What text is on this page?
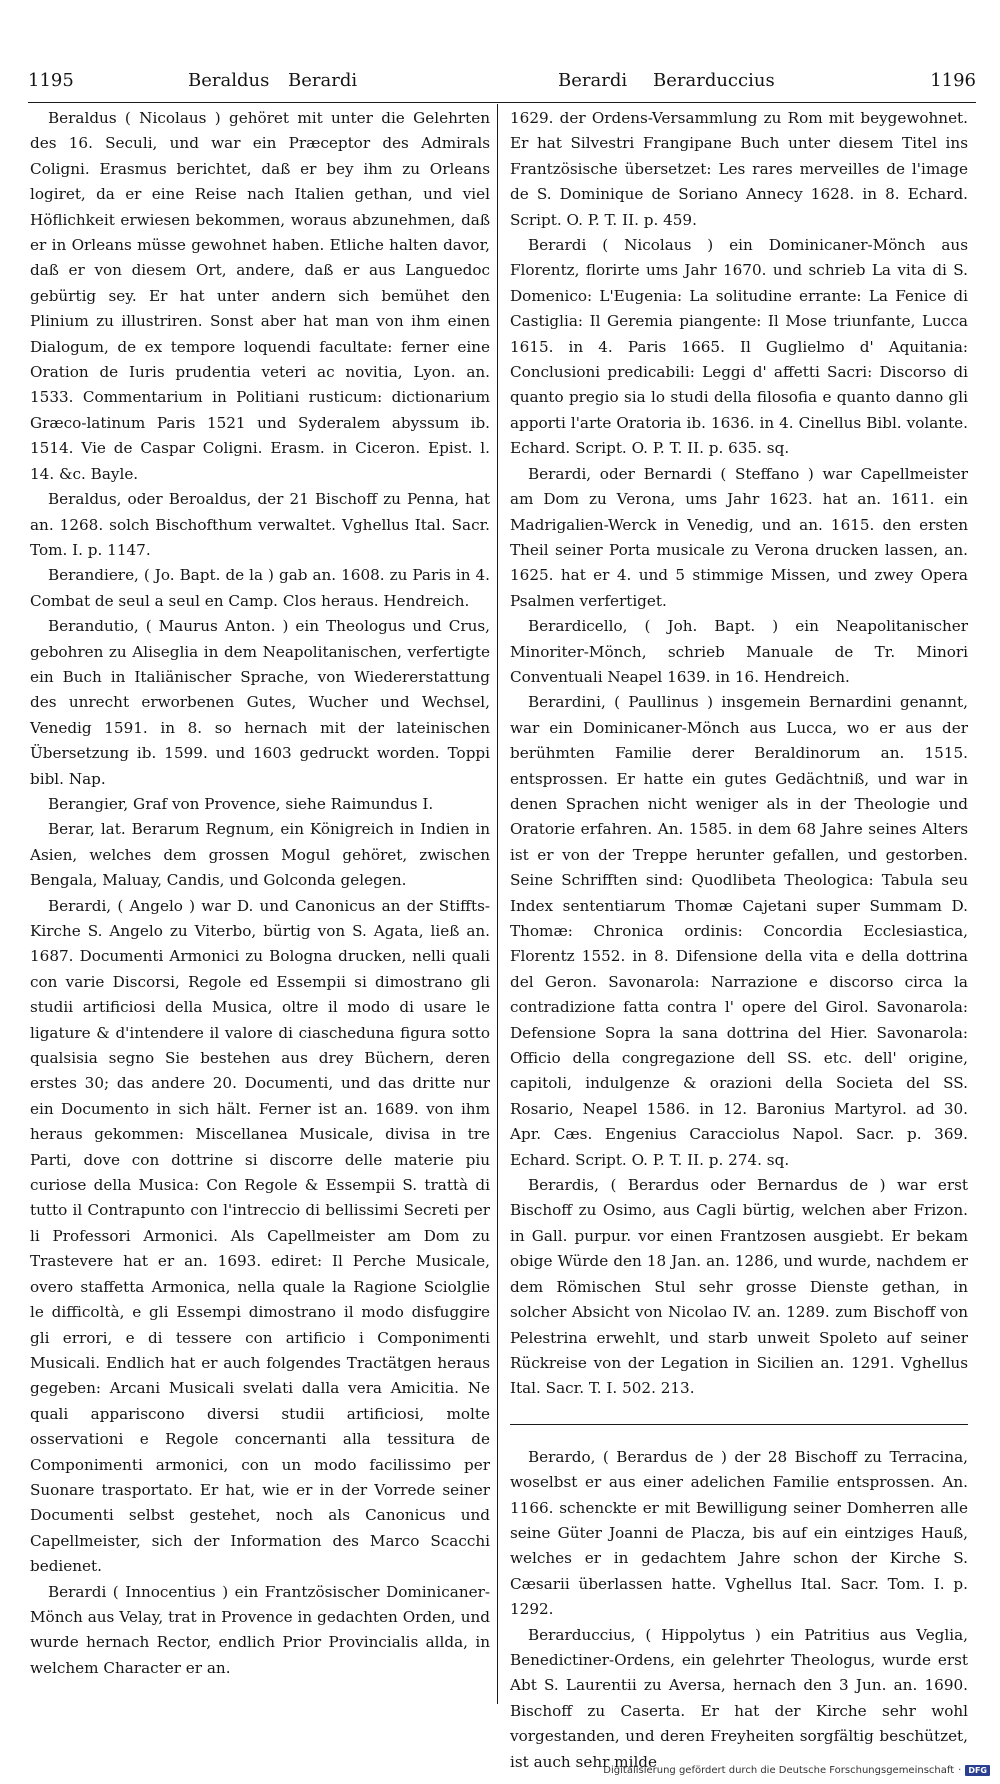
1195	Beraldus Berardi	Berardi Berarduccius	1196

Beraldus ( Nicolaus ) gehöret mit unter die Gelehrten des 16. Seculi, und war ein Præceptor des Admirals Coligni. Erasmus berichtet, daß er bey ihm zu Orleans logiret, da er eine Reise nach Italien gethan, und viel Höflichkeit erwiesen bekommen, woraus abzunehmen, daß er in Orleans müsse gewohnet haben. Etliche halten davor, daß er von diesem Ort, andere, daß er aus Languedoc gebürtig sey. Er hat unter andern sich bemühet den Plinium zu illustriren. Sonst aber hat man von ihm einen Dialogum, de ex tempore loquendi facultate: ferner eine Oration de Iuris prudentia veteri ac novitia, Lyon. an. 1533. Commentarium in Politiani rusticum: dictionarium Græco-latinum Paris 1521 und Syderalem abyssum ib. 1514. Vie de Caspar Coligni. Erasm. in Ciceron. Epist. l. 14. &c. Bayle.

Beraldus, oder Beroaldus, der 21 Bischoff zu Penna, hat an. 1268. solch Bischofthum verwaltet. Vghellus Ital. Sacr. Tom. I. p. 1147.

Berandiere, ( Jo. Bapt. de la ) gab an. 1608. zu Paris in 4. Combat de seul a seul en Camp. Clos heraus. Hendreich.

Berandutio, ( Maurus Anton. ) ein Theologus und Crus, gebohren zu Aliseglia in dem Neapolitanischen, verfertigte ein Buch in Italiänischer Sprache, von Wiedererstattung des unrecht erworbenen Gutes, Wucher und Wechsel, Venedig 1591. in 8. so hernach mit der lateinischen Übersetzung ib. 1599. und 1603 gedruckt worden. Toppi bibl. Nap.

Berangier, Graf von Provence, siehe Raimundus I.

Berar, lat. Berarum Regnum, ein Königreich in Indien in Asien, welches dem grossen Mogul gehöret, zwischen Bengala, Maluay, Candis, und Golconda gelegen.

Berardi, ( Angelo ) war D. und Canonicus an der Stiffts-Kirche S. Angelo zu Viterbo, bürtig von S. Agata, ließ an. 1687. Documenti Armonici zu Bologna drucken, nelli quali con varie Discorsi, Regole ed Essempii si dimostrano gli studii artificiosi della Musica, oltre il modo di usare le ligature & d'intendere il valore di ciascheduna figura sotto qualsisia segno Sie bestehen aus drey Büchern, deren erstes 30; das andere 20. Documenti, und das dritte nur ein Documento in sich hält. Ferner ist an. 1689. von ihm heraus gekommen: Miscellanea Musicale, divisa in tre Parti, dove con dottrine si discorre delle materie piu curiose della Musica: Con Regole & Essempii S. trattà di tutto il Contrapunto con l'intreccio di bellissimi Secreti per li Professori Armonici. Als Capellmeister am Dom zu Trastevere hat er an. 1693. ediret: Il Perche Musicale, overo staffetta Armonica, nella quale la Ragione Sciolglie le difficoltà, e gli Essempi dimostrano il modo disfuggire gli errori, e di tessere con artificio i Componimenti Musicali. Endlich hat er auch folgendes Tractätgen heraus gegeben: Arcani Musicali svelati dalla vera Amicitia. Ne quali appariscono diversi studii artificiosi, molte osservationi e Regole concernanti alla tessitura de Componimenti armonici, con un modo facilissimo per Suonare trasportato. Er hat, wie er in der Vorrede seiner Documenti selbst gestehet, noch als Canonicus und Capellmeister, sich der Information des Marco Scacchi bedienet.

Berardi ( Innocentius ) ein Frantzösischer Dominicaner-Mönch aus Velay, trat in Provence in gedachten Orden, und wurde hernach Rector, endlich Prior Provincialis allda, in welchem Character er an.

1629. der Ordens-Versammlung zu Rom mit beygewohnet. Er hat Silvestri Frangipane Buch unter diesem Titel ins Frantzösische übersetzet: Les rares merveilles de l'image de S. Dominique de Soriano Annecy 1628. in 8. Echard. Script. O. P. T. II. p. 459.

Berardi ( Nicolaus ) ein Dominicaner-Mönch aus Florentz, florirte ums Jahr 1670. und schrieb La vita di S. Domenico: L'Eugenia: La solitudine errante: La Fenice di Castiglia: Il Geremia piangente: Il Mose triunfante, Lucca 1615. in 4. Paris 1665. Il Guglielmo d' Aquitania: Conclusioni predicabili: Leggi d' affetti Sacri: Discorso di quanto pregio sia lo studi della filosofia e quanto danno gli apporti l'arte Oratoria ib. 1636. in 4. Cinellus Bibl. volante. Echard. Script. O. P. T. II. p. 635. sq.

Berardi, oder Bernardi ( Steffano ) war Capellmeister am Dom zu Verona, ums Jahr 1623. hat an. 1611. ein Madrigalien-Werck in Venedig, und an. 1615. den ersten Theil seiner Porta musicale zu Verona drucken lassen, an. 1625. hat er 4. und 5 stimmige Missen, und zwey Opera Psalmen verfertiget.

Berardicello, ( Joh. Bapt. ) ein Neapolitanischer Minoriter-Mönch, schrieb Manuale de Tr. Minori Conventuali Neapel 1639. in 16. Hendreich.

Berardini, ( Paullinus ) insgemein Bernardini genannt, war ein Dominicaner-Mönch aus Lucca, wo er aus der berühmten Familie derer Beraldinorum an. 1515. entsprossen. Er hatte ein gutes Gedächtniß, und war in denen Sprachen nicht weniger als in der Theologie und Oratorie erfahren. An. 1585. in dem 68 Jahre seines Alters ist er von der Treppe herunter gefallen, und gestorben. Seine Schrifften sind: Quodlibeta Theologica: Tabula seu Index sententiarum Thomæ Cajetani super Summam D. Thomæ: Chronica ordinis: Concordia Ecclesiastica, Florentz 1552. in 8. Difensione della vita e della dottrina del Geron. Savonarola: Narrazione e discorso circa la contradizione fatta contra l' opere del Girol. Savonarola: Defensione Sopra la sana dottrina del Hier. Savonarola: Officio della congregazione dell SS. etc. dell' origine, capitoli, indulgenze & orazioni della Societa del SS. Rosario, Neapel 1586. in 12. Baronius Martyrol. ad 30. Apr. Cæs. Engenius Caracciolus Napol. Sacr. p. 369. Echard. Script. O. P. T. II. p. 274. sq.

Berardis, ( Berardus oder Bernardus de ) war erst Bischoff zu Osimo, aus Cagli bürtig, welchen aber Frizon. in Gall. purpur. vor einen Frantzosen ausgiebt. Er bekam obige Würde den 18 Jan. an. 1286, und wurde, nachdem er dem Römischen Stul sehr grosse Dienste gethan, in solcher Absicht von Nicolao IV. an. 1289. zum Bischoff von Pelestrina erwehlt, und starb unweit Spoleto auf seiner Rückreise von der Legation in Sicilien an. 1291. Vghellus Ital. Sacr. T. I. 502. 213.

Berardo, ( Berardus de ) der 28 Bischoff zu Terracina, woselbst er aus einer adelichen Familie entsprossen. An. 1166. schenckte er mit Bewilligung seiner Domherren alle seine Güter Joanni de Placza, bis auf ein eintziges Hauß, welches er in gedachtem Jahre schon der Kirche S. Cæsarii überlassen hatte. Vghellus Ital. Sacr. Tom. I. p. 1292.

Berarduccius, ( Hippolytus ) ein Patritius aus Veglia, Benedictiner-Ordens, ein gelehrter Theologus, wurde erst Abt S. Laurentii zu Aversa, hernach den 3 Jun. an. 1690. Bischoff zu Caserta. Er hat der Kirche sehr wohl vorgestanden, und deren Freyheiten sorgfältig beschützet, ist auch sehr milde

Digitalisierung gefördert durch die Deutsche Forschungsgemeinschaft · DFG
